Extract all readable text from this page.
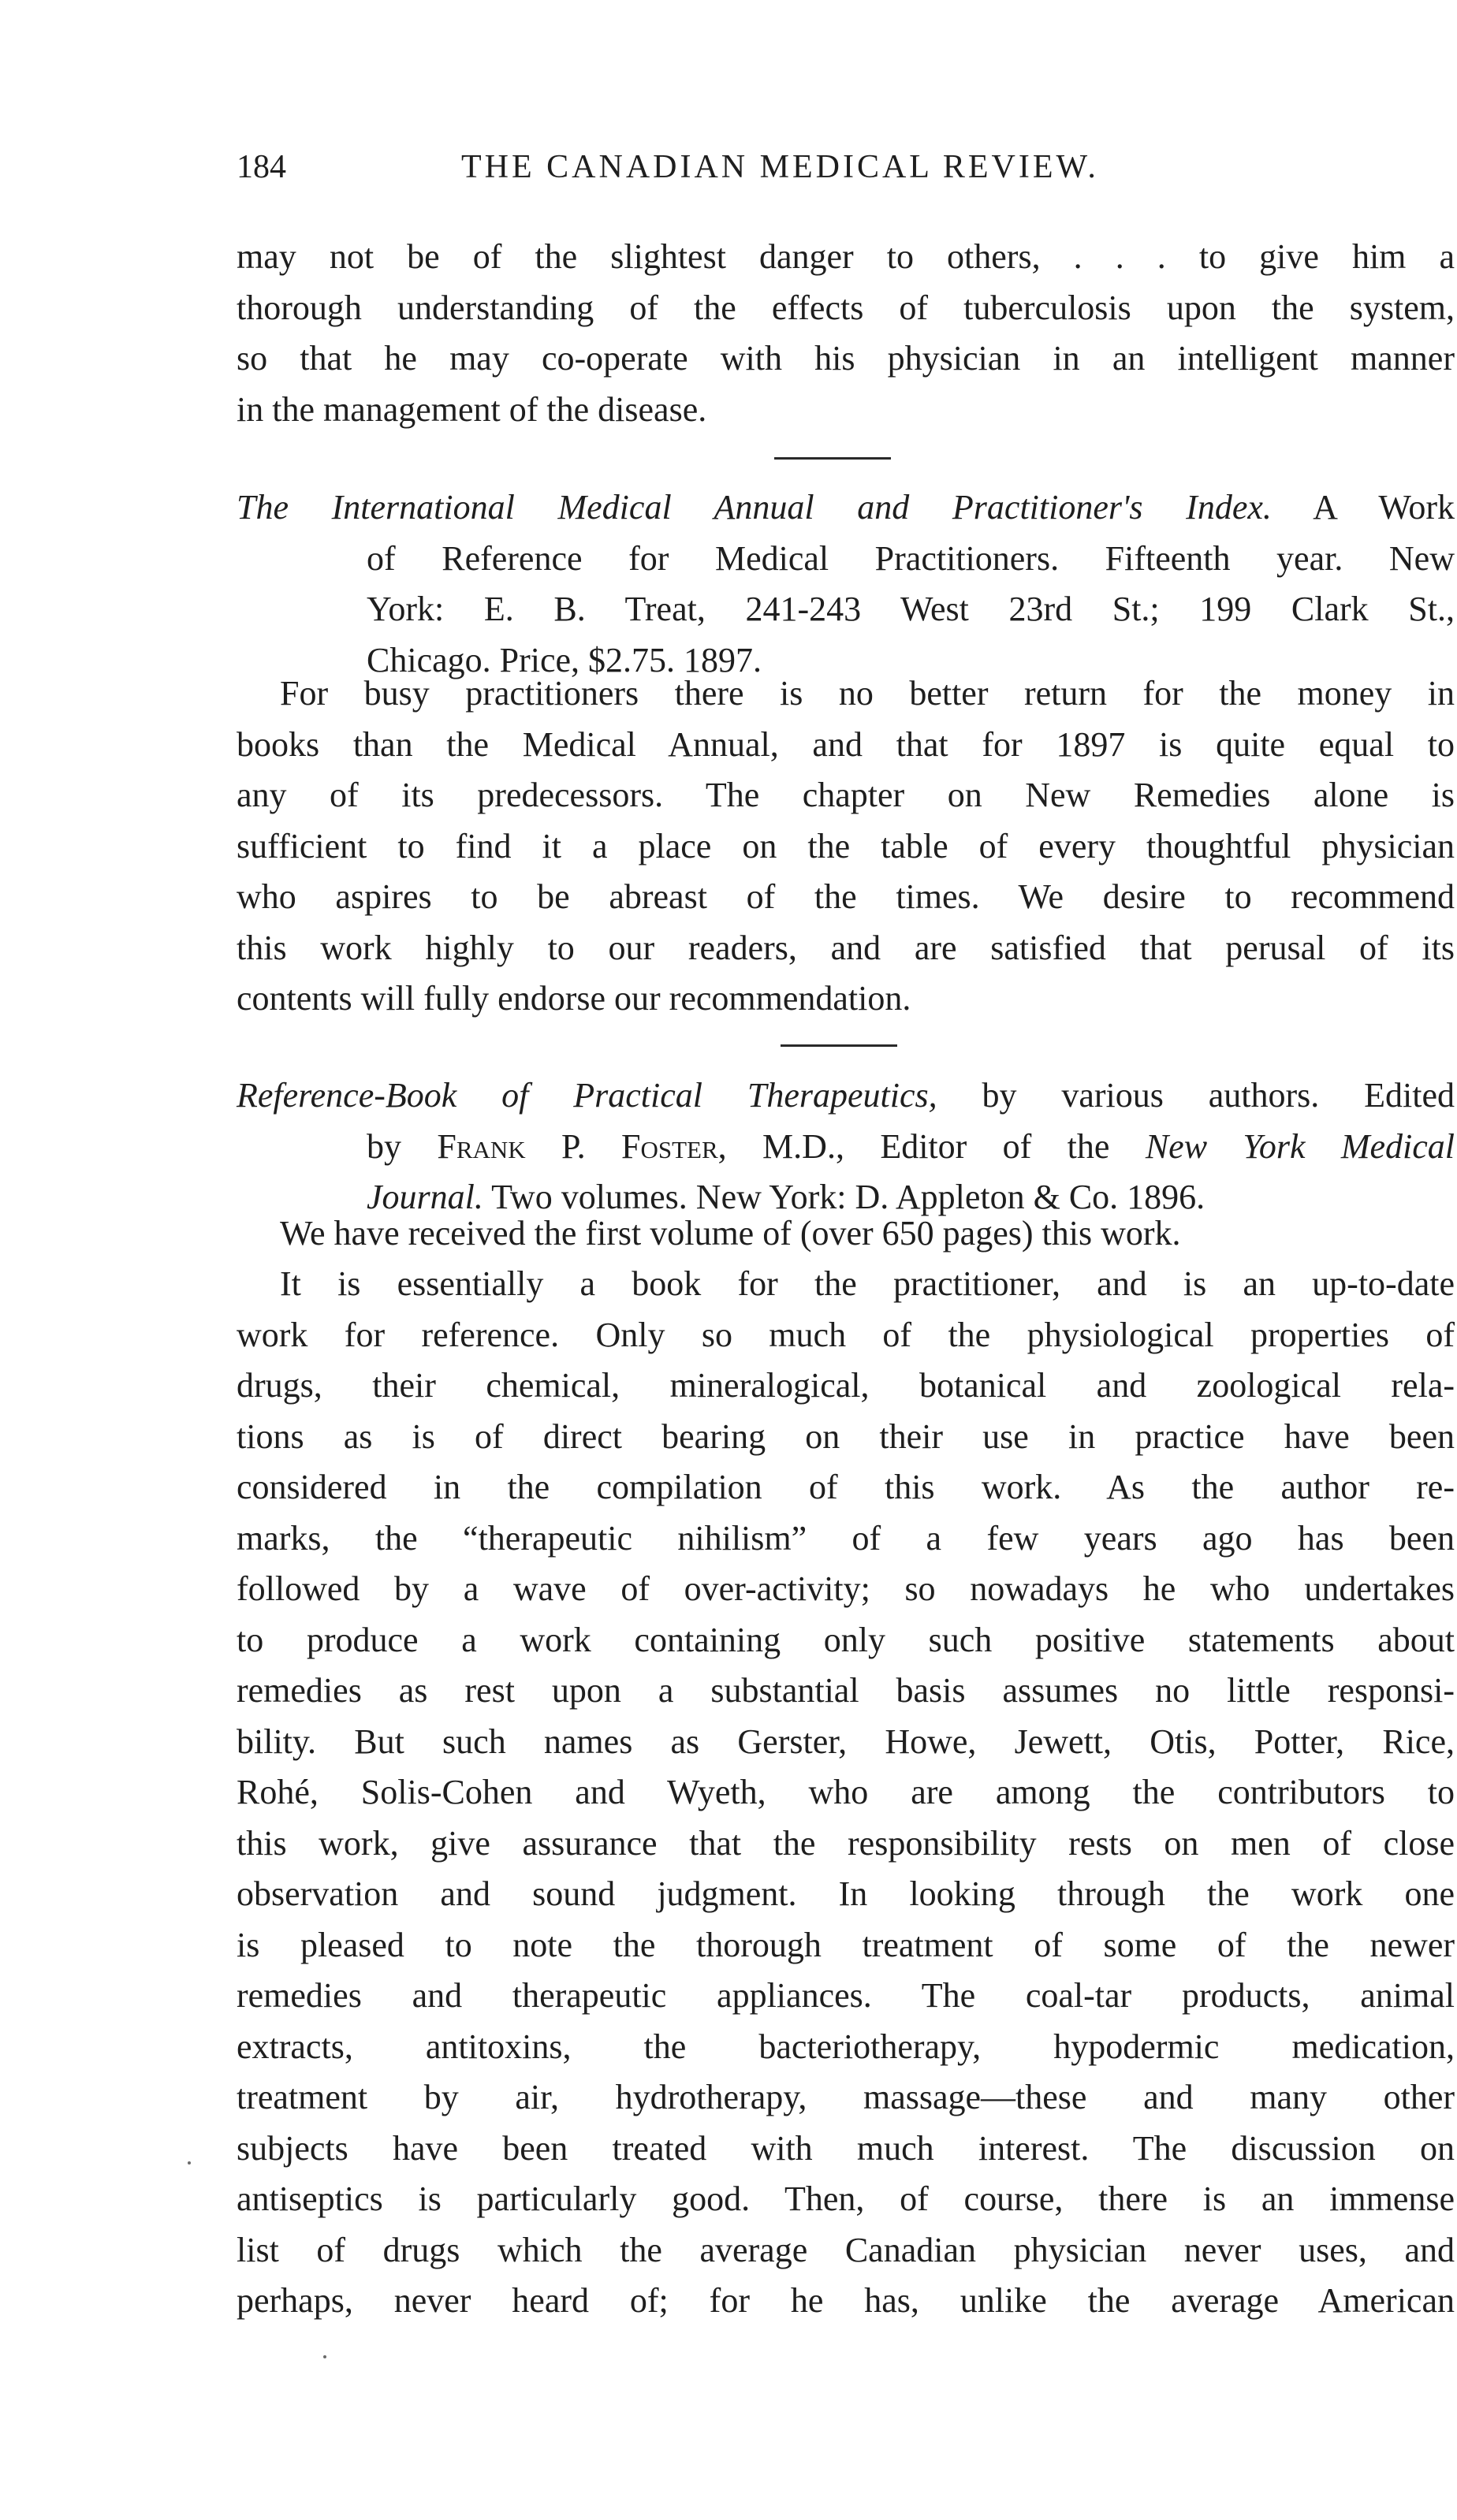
184	THE CANADIAN MEDICAL REVIEW.

may not be of the slightest danger to others, . . . to give him a
thorough understanding of the effects of tuberculosis upon the system,
so that he may co-operate with his physician in an intelligent manner
in the management of the disease.

The International Medical Annual and Practitioner's Index. A Work
of Reference for Medical Practitioners. Fifteenth year. New
York: E. B. Treat, 241-243 West 23rd St.; 199 Clark St.,
Chicago. Price, $2.75. 1897.

For busy practitioners there is no better return for the money in
books than the Medical Annual, and that for 1897 is quite equal to
any of its predecessors. The chapter on New Remedies alone is
sufficient to find it a place on the table of every thoughtful physician
who aspires to be abreast of the times. We desire to recommend
this work highly to our readers, and are satisfied that perusal of its
contents will fully endorse our recommendation.

Reference-Book of Practical Therapeutics, by various authors. Edited
by Frank P. Foster, M.D., Editor of the New York Medical
Journal. Two volumes. New York: D. Appleton & Co. 1896.

We have received the first volume of (over 650 pages) this work.

It is essentially a book for the practitioner, and is an up-to-date
work for reference. Only so much of the physiological properties of
drugs, their chemical, mineralogical, botanical and zoological rela-
tions as is of direct bearing on their use in practice have been
considered in the compilation of this work. As the author re-
marks, the “therapeutic nihilism” of a few years ago has been
followed by a wave of over-activity; so nowadays he who undertakes
to produce a work containing only such positive statements about
remedies as rest upon a substantial basis assumes no little responsi-
bility. But such names as Gerster, Howe, Jewett, Otis, Potter, Rice,
Rohé, Solis-Cohen and Wyeth, who are among the contributors to
this work, give assurance that the responsibility rests on men of close
observation and sound judgment. In looking through the work one
is pleased to note the thorough treatment of some of the newer
remedies and therapeutic appliances. The coal-tar products, animal
extracts, antitoxins, the bacteriotherapy, hypodermic medication,
treatment by air, hydrotherapy, massage—these and many other
subjects have been treated with much interest. The discussion on
antiseptics is particularly good. Then, of course, there is an immense
list of drugs which the average Canadian physician never uses, and
perhaps, never heard of; for he has, unlike the average American
